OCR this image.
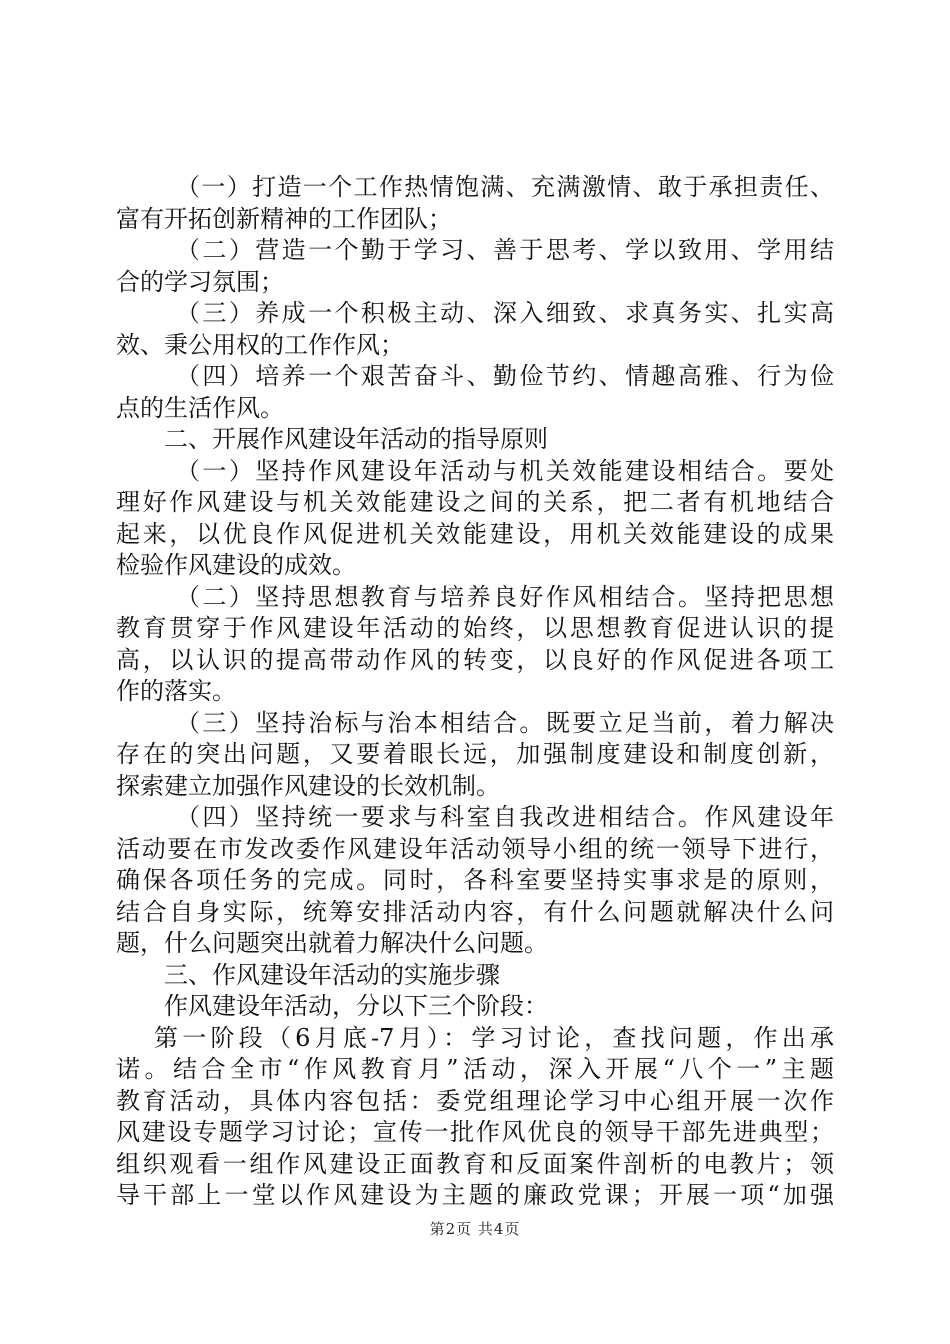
（一）打造一个工作热情饱满、充满激情、敢于承担责任、
富有开拓创新精神的工作团队；
（二）营造一个勤于学习、善于思考、学以致用、学用结
合的学习氛围；
（三）养成一个积极主动、深入细致、求真务实、扎实高
效、秉公用权的工作作风；
（四）培养一个艰苦奋斗、勤俭节约、情趣高雅、行为俭
点的生活作风。
二、开展作风建设年活动的指导原则
（一）坚持作风建设年活动与机关效能建设相结合。要处
理好作风建设与机关效能建设之间的关系，把二者有机地结合
起来，以优良作风促进机关效能建设，用机关效能建设的成果
检验作风建设的成效。
（二）坚持思想教育与培养良好作风相结合。坚持把思想
教育贯穿于作风建设年活动的始终，以思想教育促进认识的提
高，以认识的提高带动作风的转变，以良好的作风促进各项工
作的落实。
（三）坚持治标与治本相结合。既要立足当前，着力解决
存在的突出问题，又要着眼长远，加强制度建设和制度创新，
探索建立加强作风建设的长效机制。
（四）坚持统一要求与科室自我改进相结合。作风建设年
活动要在市发改委作风建设年活动领导小组的统一领导下进行，
确保各项任务的完成。同时，各科室要坚持实事求是的原则，
结合自身实际，统筹安排活动内容，有什么问题就解决什么问
题，什么问题突出就着力解决什么问题。
三、作风建设年活动的实施步骤
作风建设年活动，分以下三个阶段：
第一阶段（6月底-7月）：学习讨论，查找问题，作出承
诺。结合全市“作风教育月”活动，深入开展“八个一”主题
教育活动，具体内容包括：委党组理论学习中心组开展一次作
风建设专题学习讨论；宣传一批作风优良的领导干部先进典型；
组织观看一组作风建设正面教育和反面案件剖析的电教片；领
导干部上一堂以作风建设为主题的廉政党课；开展一项“加强
第2页 共4页
